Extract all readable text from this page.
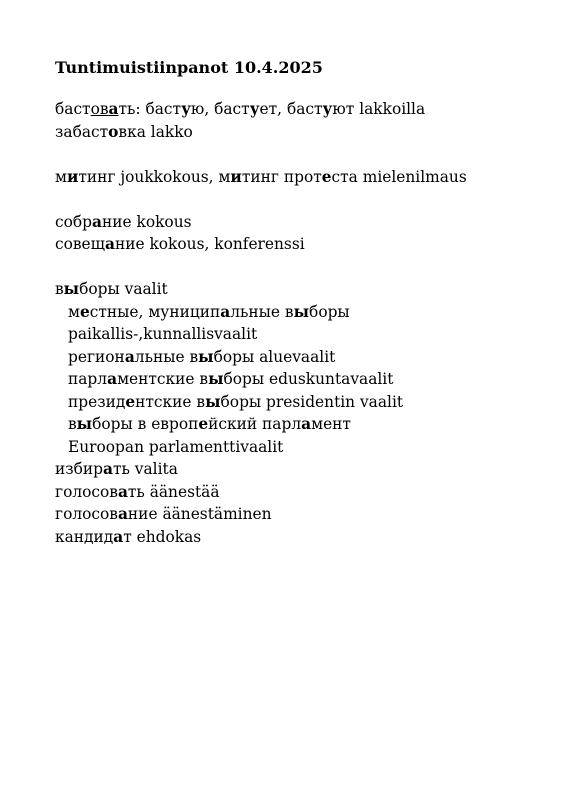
Tuntimuistiinpanot 10.4.2025
бастовать: бастую, бастует, бастуют lakkoilla
забастовка lakko
митинг joukkokous, митинг протеста mielenilmaus
собрание kokous
совещание kokous, konferenssi
выборы vaalit
местные, муниципальные выборы
paikallis-,kunnallisvaalit
региональные выборы aluevaalit
парламентские выборы eduskuntavaalit
президентские выборы presidentin vaalit
выборы в европейский парламент
Euroopan parlamenttivaalit
избирать valita
голосовать äänestää
голосование äänestäminen
кандидат ehdokas
